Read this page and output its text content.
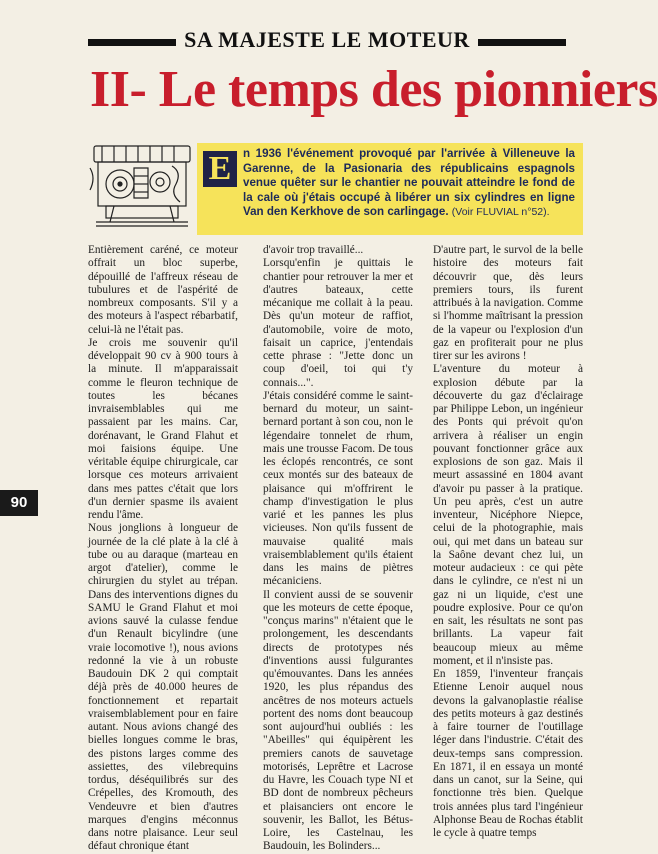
SA MAJESTE LE MOTEUR
II- Le temps des pionniers
E	n 1936 l'événement provoqué par l'arrivée à Villeneuve la Garenne, de la Pasionaria des républicains espagnols venue quêter sur le chantier ne pouvait atteindre le fond de la cale où j'étais occupé à libérer un six cylindres en ligne Van den Kerkhove de son carlingage. (Voir FLUVIAL n°52).
90

Entièrement caréné, ce moteur offrait un bloc superbe, dépouillé de l'affreux réseau de tubulures et de l'aspérité de nombreux composants. S'il y a des moteurs à l'aspect rébarbatif, celui-là ne l'était pas.

Je crois me souvenir qu'il développait 90 cv à 900 tours à la minute. Il m'apparaissait comme le fleuron technique de toutes les bécanes invraisemblables qui me passaient par les mains. Car, dorénavant, le Grand Flahut et moi faisions équipe. Une véritable équipe chirurgicale, car lorsque ces moteurs arrivaient dans mes pattes c'était que lors d'un dernier spasme ils avaient rendu l'âme.

Nous jonglions à longueur de journée de la clé plate à la clé à tube ou au daraque (marteau en argot d'atelier), comme le chirurgien du stylet au trépan. Dans des interventions dignes du SAMU le Grand Flahut et moi avions sauvé la culasse fendue d'un Renault bicylindre (une vraie locomotive !), nous avions redonné la vie à un robuste Baudouin DK 2 qui comptait déjà près de 40.000 heures de fonctionnement et repartait vraisemblablement pour en faire autant. Nous avions changé des bielles longues comme le bras, des pistons larges comme des assiettes, des vilebrequins tordus, déséquilibrés sur des Crépelles, des Kromouth, des Vendeuvre et bien d'autres marques d'engins méconnus dans notre plaisance. Leur seul défaut chronique étant

d'avoir trop travaillé...

Lorsqu'enfin je quittais le chantier pour retrouver la mer et d'autres bateaux, cette mécanique me collait à la peau. Dès qu'un moteur de raffiot, d'automobile, voire de moto, faisait un caprice, j'entendais cette phrase : "Jette donc un coup d'oeil, toi qui t'y connais...".

J'étais considéré comme le saint-bernard du moteur, un saint-bernard portant à son cou, non le légendaire tonnelet de rhum, mais une trousse Facom. De tous les éclopés rencontrés, ce sont ceux montés sur des bateaux de plaisance qui m'offrirent le champ d'investigation le plus varié et les pannes les plus vicieuses. Non qu'ils fussent de mauvaise qualité mais vraisemblablement qu'ils étaient dans les mains de piètres mécaniciens.

Il convient aussi de se souvenir que les moteurs de cette époque, "conçus marins" n'étaient que le prolongement, les descendants directs de prototypes nés d'inventions aussi fulgurantes qu'émouvantes. Dans les années 1920, les plus répandus des ancêtres de nos moteurs actuels portent des noms dont beaucoup sont aujourd'hui oubliés : les "Abeilles" qui équipèrent les premiers canots de sauvetage motorisés, Leprêtre et Lacrose du Havre, les Couach type NI et BD dont de nombreux pêcheurs et plaisanciers ont encore le souvenir, les Ballot, les Bétus-Loire, les Castelnau, les Baudouin, les Bolinders...

D'autre part, le survol de la belle histoire des moteurs fait découvrir que, dès leurs premiers tours, ils furent attribués à la navigation. Comme si l'homme maîtrisant la pression de la vapeur ou l'explosion d'un gaz en profiterait pour ne plus tirer sur les avirons !

L'aventure du moteur à explosion débute par la découverte du gaz d'éclairage par Philippe Lebon, un ingénieur des Ponts qui prévoit qu'on arrivera à réaliser un engin pouvant fonctionner grâce aux explosions de son gaz. Mais il meurt assassiné en 1804 avant d'avoir pu passer à la pratique. Un peu après, c'est un autre inventeur, Nicéphore Niepce, celui de la photographie, mais oui, qui met dans un bateau sur la Saône devant chez lui, un moteur audacieux : ce qui pète dans le cylindre, ce n'est ni un gaz ni un liquide, c'est une poudre explosive. Pour ce qu'on en sait, les résultats ne sont pas brillants. La vapeur fait beaucoup mieux au même moment, et il n'insiste pas.

En 1859, l'inventeur français Etienne Lenoir auquel nous devons la galvanoplastie réalise des petits moteurs à gaz destinés à faire tourner de l'outillage léger dans l'industrie. C'était des deux-temps sans compression. En 1871, il en essaya un monté dans un canot, sur la Seine, qui fonctionne très bien. Quelque trois années plus tard l'ingénieur Alphonse Beau de Rochas établit le cycle à quatre temps
